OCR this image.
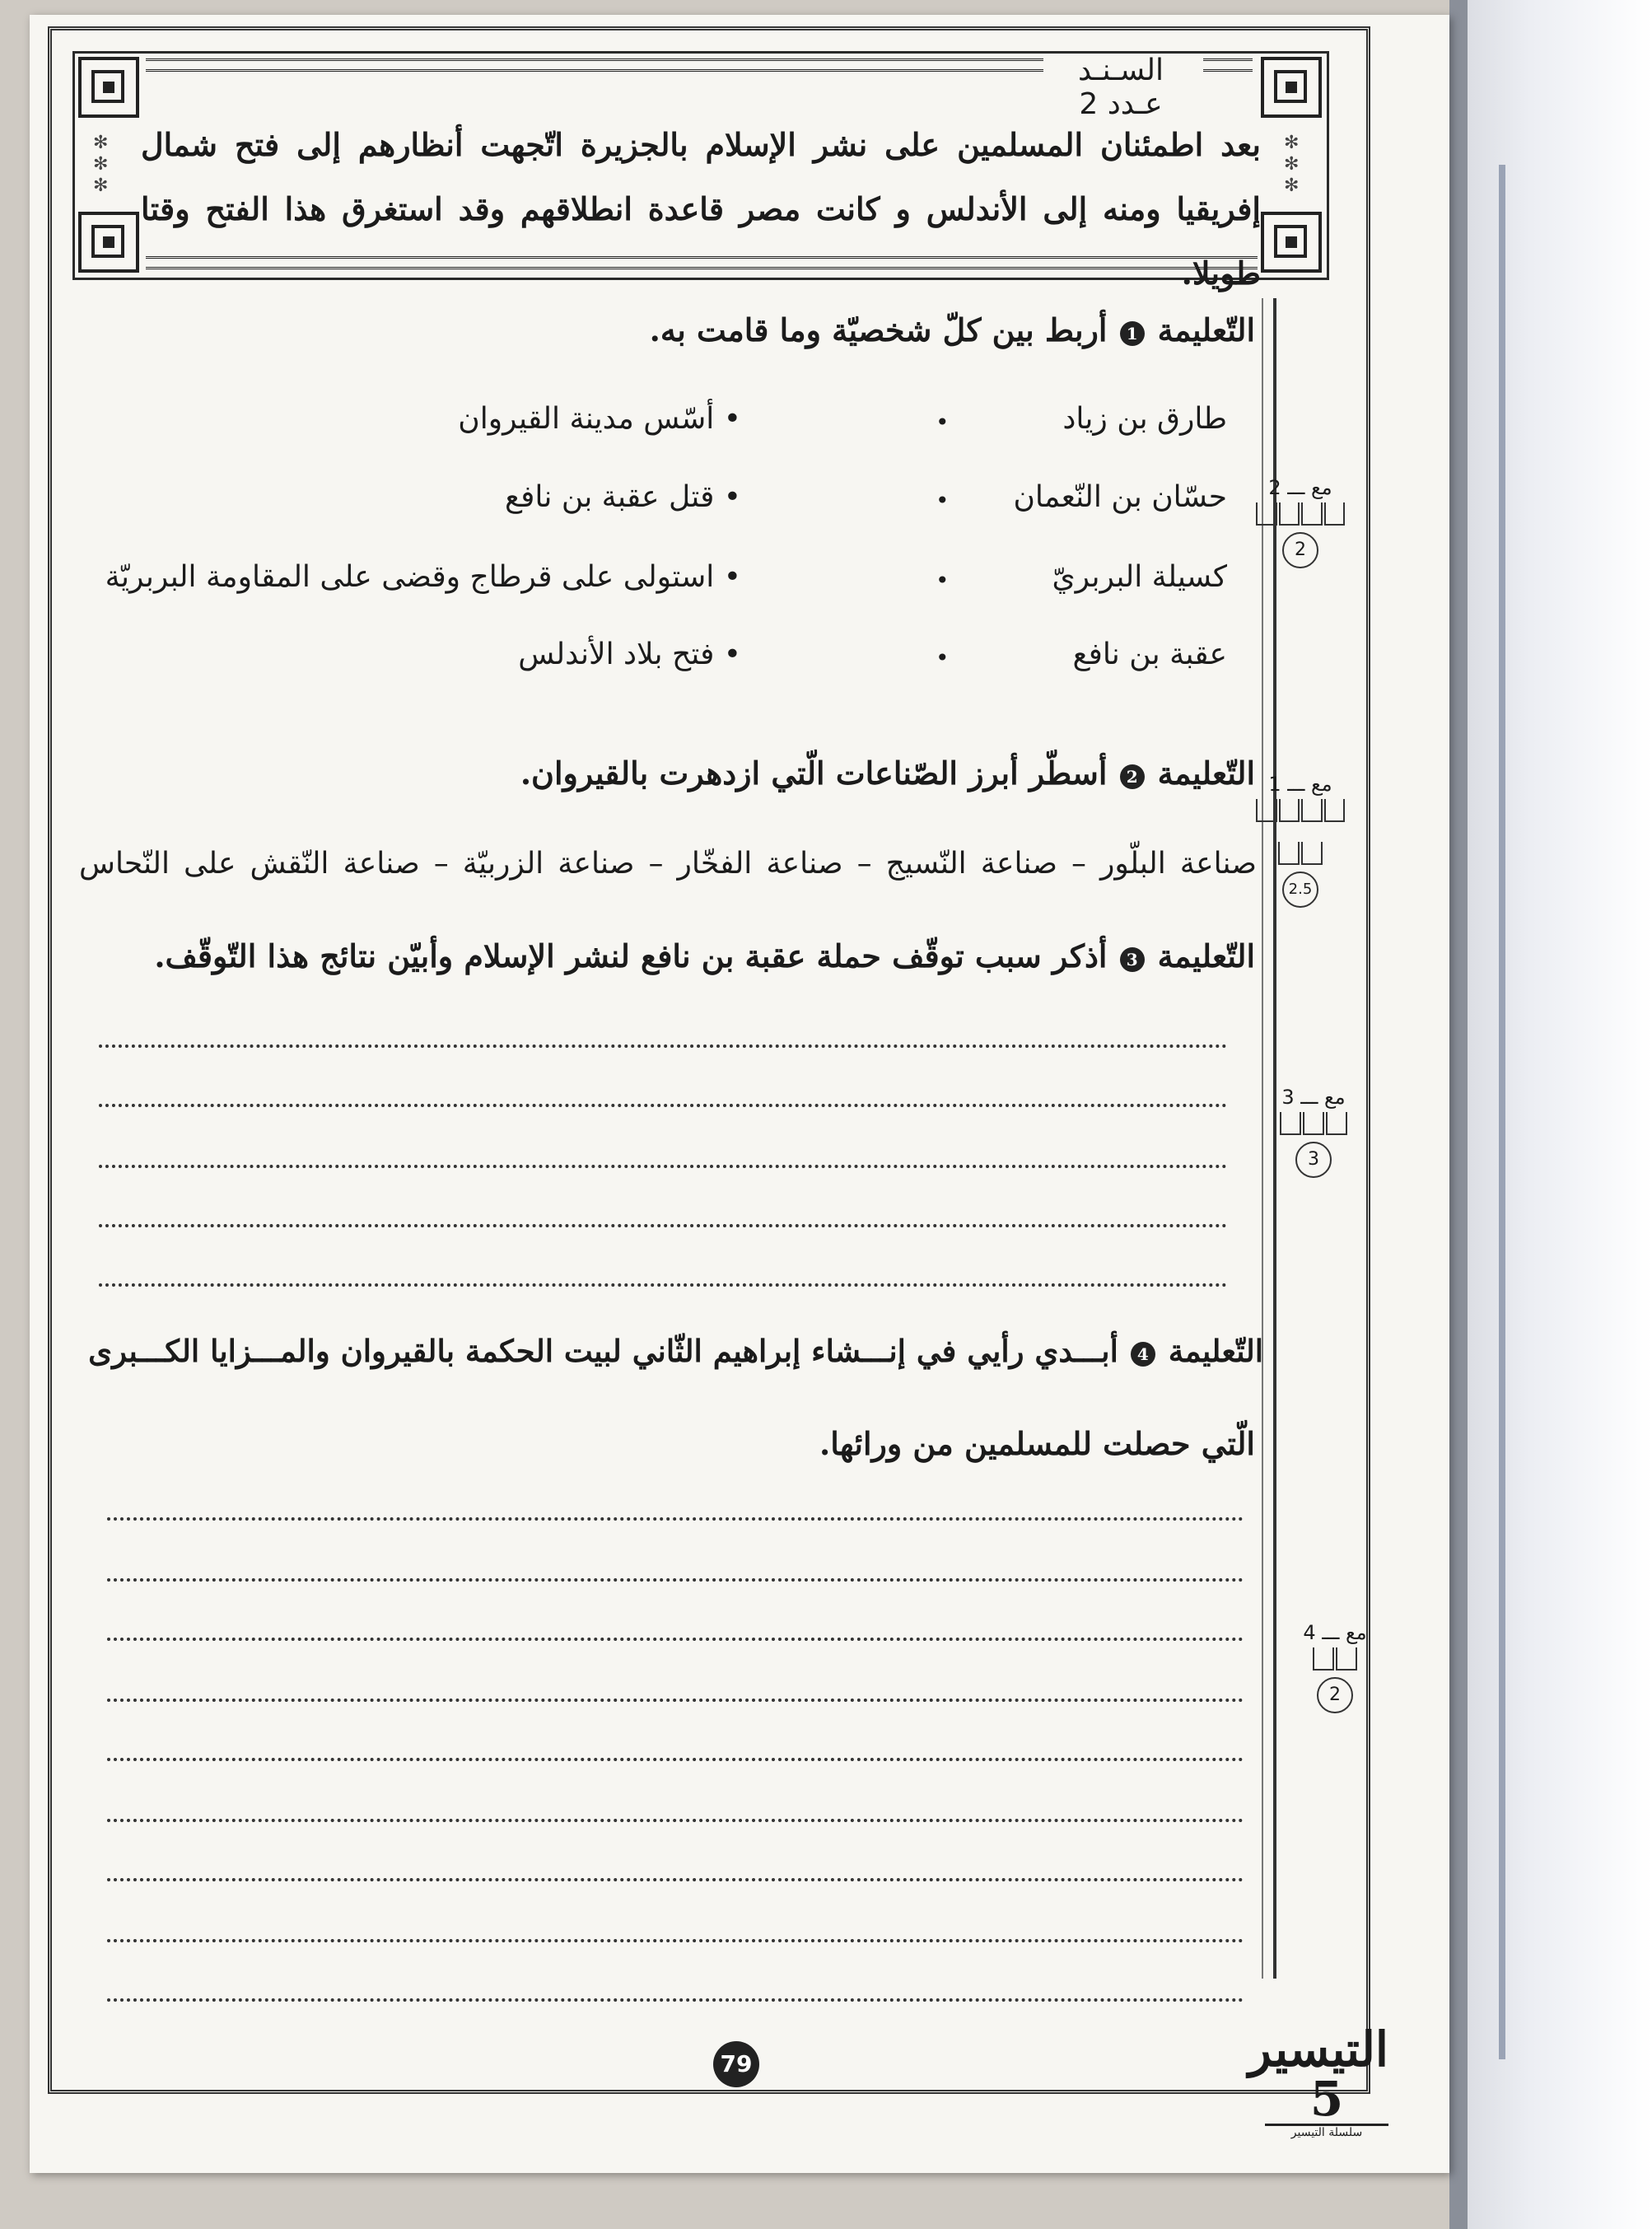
✻
✻
✻
✻
✻
✻
السـنـد عـدد 2
بعد اطمئنان المسلمين على نشر الإسلام بالجزيرة اتّجهت أنظارهم إلى فتح شمال إفريقيا ومنه إلى الأندلس و كانت مصر قاعدة انطلاقهم وقد استغرق هذا الفتح وقتا طويلا.
التّعليمة1 أربط بين كلّ شخصيّة وما قامت به.
طارق بن زياد
حسّان بن النّعمان
كسيلة البربريّ
عقبة بن نافع
•
•
•
•
• أسّس مدينة القيروان
• قتل عقبة بن نافع
• استولى على قرطاج وقضى على المقاومة البربريّة
• فتح بلاد الأندلس
مع ـــ 2
2
التّعليمة2 أسطّر أبرز الصّناعات الّتي ازدهرت بالقيروان.
صناعة البلّور – صناعة النّسيج – صناعة الفخّار – صناعة الزربيّة – صناعة النّقش على النّحاس
مع ـــ 1
2.5
التّعليمة3 أذكر سبب توقّف حملة عقبة بن نافع لنشر الإسلام وأبيّن نتائج هذا التّوقّف.
مع ـــ 3
3
التّعليمة4 أبـــدي رأيي في إنـــشاء إبراهيم الثّاني لبيت الحكمة بالقيروان والمـــزايا الكـــبرى
الّتي حصلت للمسلمين من ورائها.
مع ـــ 4
2
79	التيسير 5
سلسلة التيسير
